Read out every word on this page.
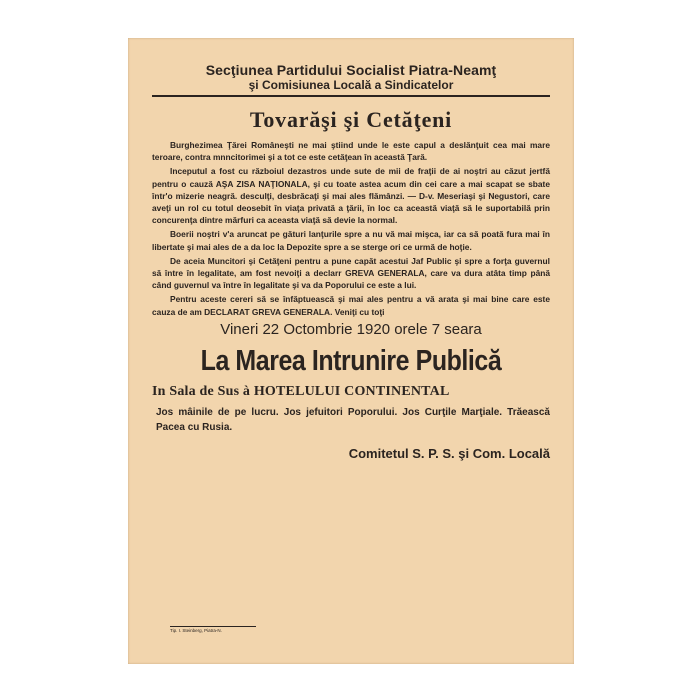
Secţiunea Partidului Socialist Piatra-Neamţ
şi Comisiunea Locală a Sindicatelor
Tovarăşi şi Cetăţeni

Burghezimea Ţărei Româneşti ne mai ştiind unde le este capul a deslănţuit cea mai mare teroare, contra mnncitorimei şi a tot ce este cetăţean în această Ţară.

Inceputul a fost cu războiul dezastros unde sute de mii de fraţii de ai noştri au căzut jertfă pentru o cauză AŞA ZISA NAŢIONALA, şi cu toate astea acum din cei care a mai scapat se sbate într'o mizerie neagră. desculţi, desbrăcaţi şi mai ales flămânzi. — D-v. Meseriaşi şi Negustori, care aveţi un rol cu totul deosebit în viaţa privată a ţării, în loc ca această viaţă să le suportabilă prin concurenţa dintre mărfuri ca aceasta viaţă să devie la normal.

Boerii noştri v'a aruncat pe gături lanţurile spre a nu vă mai mişca, iar ca să poată fura mai în libertate şi mai ales de a da loc la Depozite spre a se sterge ori ce urmă de hoţie.

De aceia Muncitori şi Cetăţeni pentru a pune capăt acestui Jaf Public şi spre a forţa guvernul să între în legalitate, am fost nevoiţi a declarr GREVA GENERALA, care va dura atâta timp până când guvernul va între în legalitate şi va da Poporului ce este a lui.

Pentru aceste cereri să se înfăptuească şi mai ales pentru a vă arata şi mai bine care este cauza de am DECLARAT GREVA GENERALA. Veniţi cu toţi

Vineri 22 Octombrie 1920 orele 7 seara
La Marea Intrunire Publică
In Sala de Sus à HOTELULUI CONTINENTAL
Jos mâinile de pe lucru. Jos jefuitori Poporului. Jos Curţile Marţiale. Trăească Pacea cu Rusia.
Comitetul S. P. S. şi Com. Locală
Tip. I. Steinberg, Piatra-N.
